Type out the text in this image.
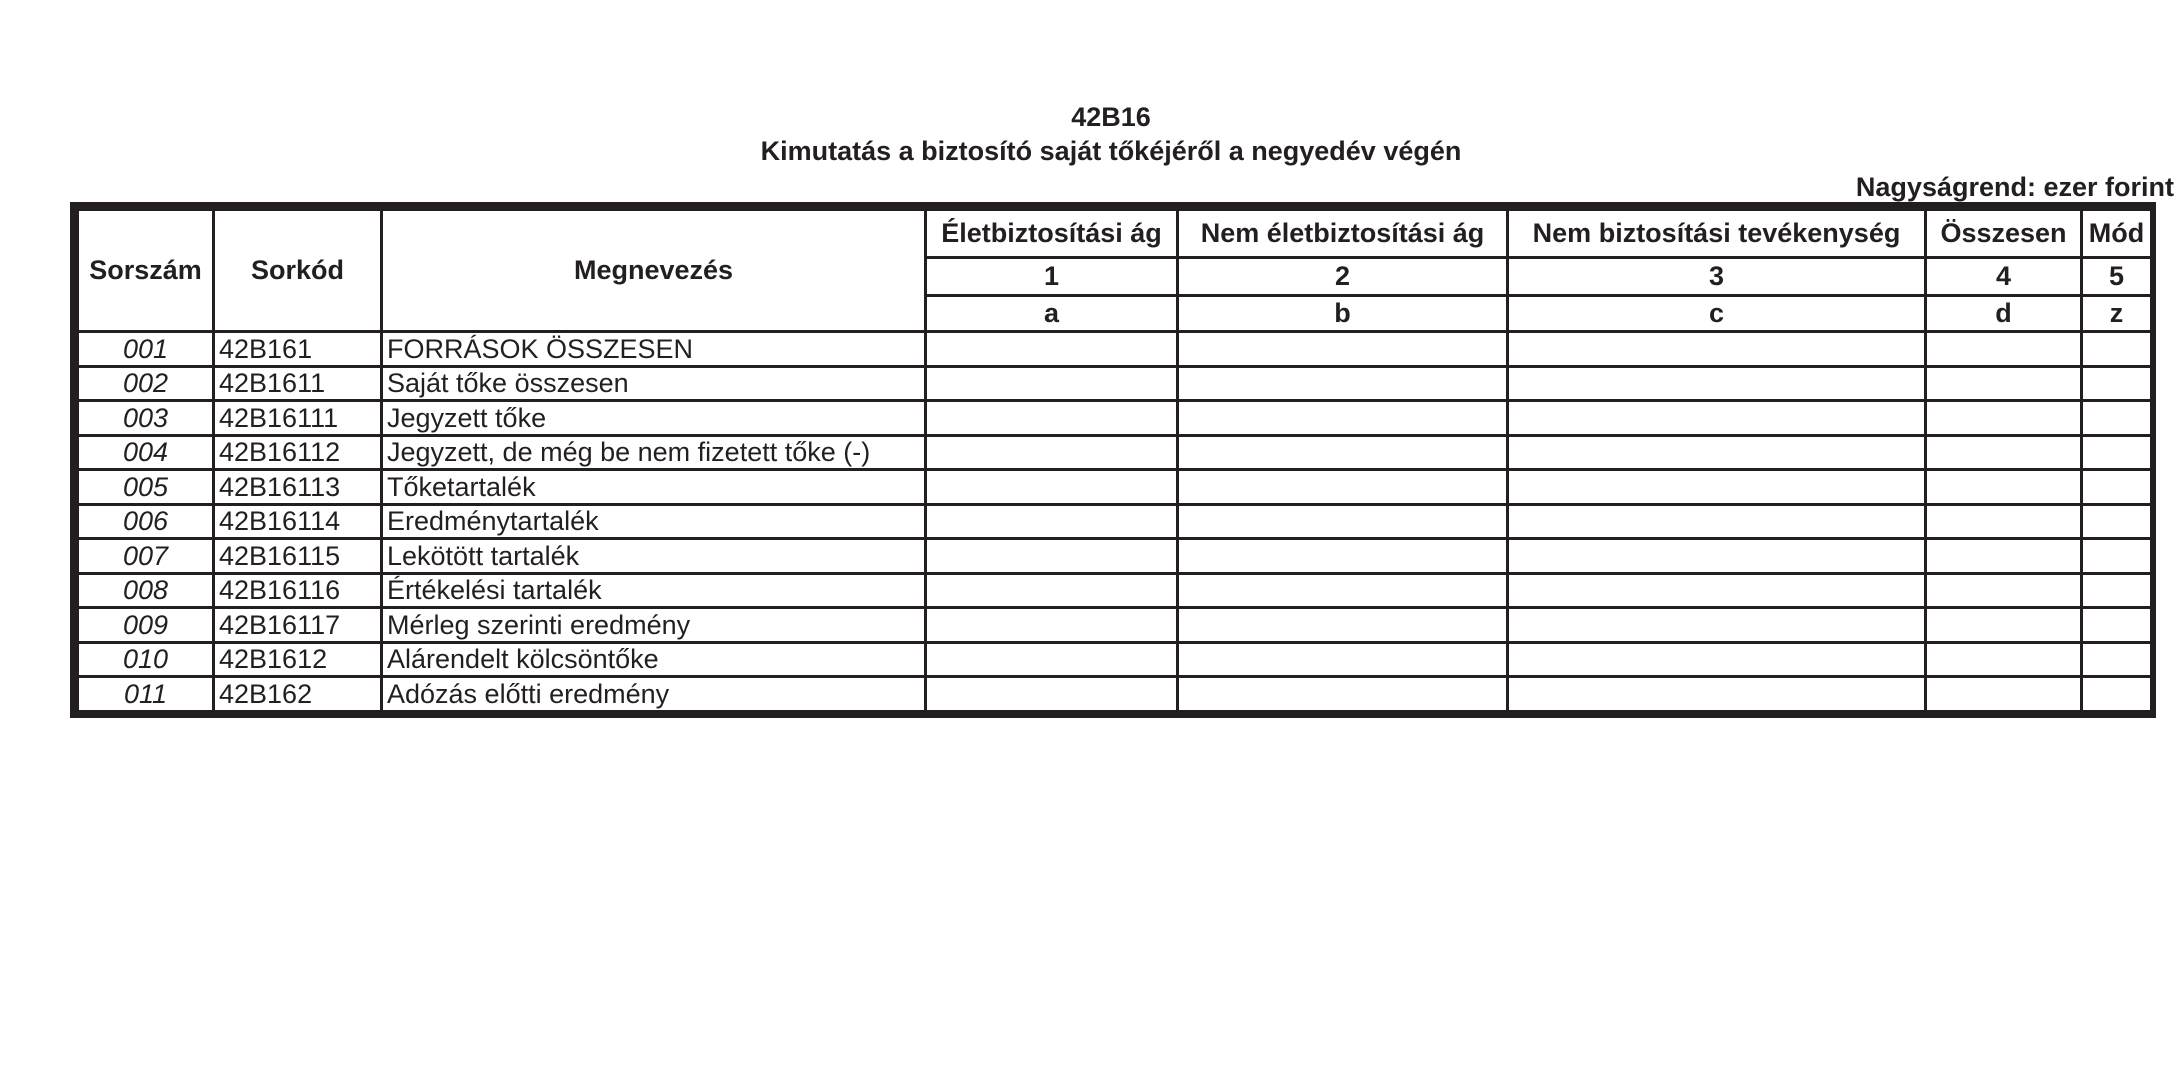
42B16
Kimutatás a biztosító saját tőkéjéről a negyedév végén
Nagyságrend: ezer forint
Sorszám	Sorkód	Megnevezés	Életbiztosítási ág	Nem életbiztosítási ág	Nem biztosítási tevékenység	Összesen	Mód
			1	2	3	4	5
			a	b	c	d	z
001	42B161	FORRÁSOK ÖSSZESEN					
002	42B1611	Saját tőke összesen					
003	42B16111	Jegyzett tőke					
004	42B16112	Jegyzett, de még be nem fizetett tőke (-)					
005	42B16113	Tőketartalék					
006	42B16114	Eredménytartalék					
007	42B16115	Lekötött tartalék					
008	42B16116	Értékelési tartalék					
009	42B16117	Mérleg szerinti eredmény					
010	42B1612	Alárendelt kölcsöntőke					
011	42B162	Adózás előtti eredmény					
